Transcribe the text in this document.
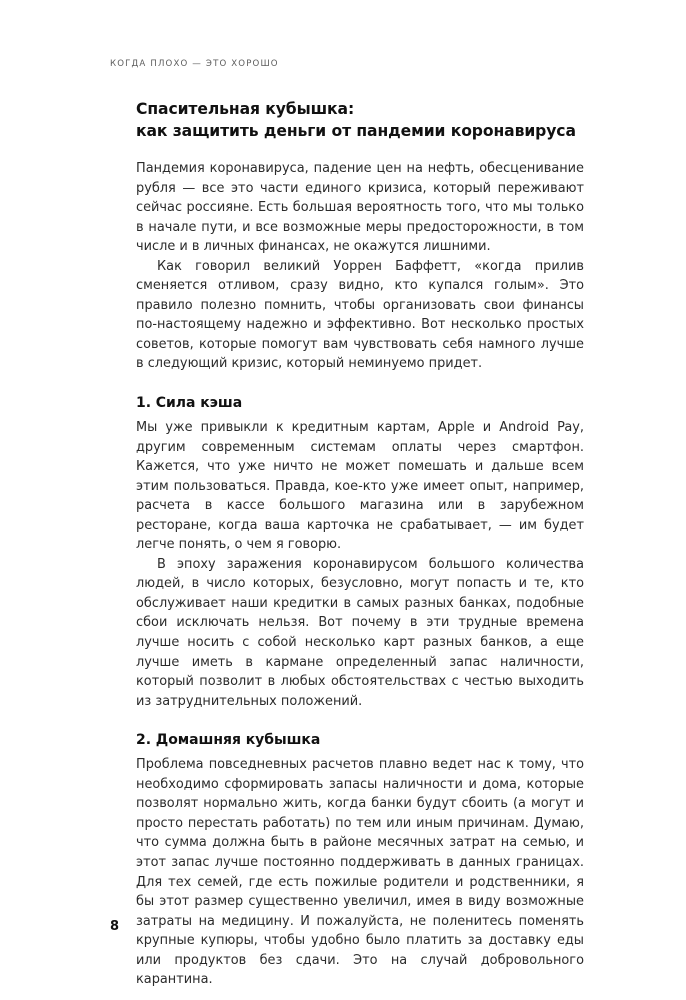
КОГДА ПЛОХО — ЭТО ХОРОШО
Спасительная кубышка:
как защитить деньги от пандемии коронавируса

Пандемия коронавируса, падение цен на нефть, обесценивание рубля — все это части единого кризиса, который переживают сейчас россияне. Есть большая вероятность того, что мы только в начале пути, и все возможные меры предосторожности, в том числе и в личных финансах, не окажутся лишними.

Как говорил великий Уоррен Баффетт, «когда прилив сменяется отливом, сразу видно, кто купался голым». Это правило полезно помнить, чтобы организовать свои финансы по-настоящему надежно и эффективно. Вот несколько простых советов, которые помогут вам чувствовать себя намного лучше в следующий кризис, который неминуемо придет.

1. Сила кэша

Мы уже привыкли к кредитным картам, Apple и Android Pay, другим современным системам оплаты через смартфон. Кажется, что уже ничто не может помешать и дальше всем этим пользоваться. Правда, кое-кто уже имеет опыт, например, расчета в кассе большого магазина или в зарубежном ресторане, когда ваша карточка не срабатывает, — им будет легче понять, о чем я говорю.

В эпоху заражения коронавирусом большого количества людей, в число которых, безусловно, могут попасть и те, кто обслуживает наши кредитки в самых разных банках, подобные сбои исключать нельзя. Вот почему в эти трудные времена лучше носить с собой несколько карт разных банков, а еще лучше иметь в кармане определенный запас наличности, который позволит в любых обстоятельствах с честью выходить из затруднительных положений.

2. Домашняя кубышка

Проблема повседневных расчетов плавно ведет нас к тому, что необходимо сформировать запасы наличности и дома, которые позволят нормально жить, когда банки будут сбоить (а могут и просто перестать работать) по тем или иным причинам. Думаю, что сумма должна быть в районе месячных затрат на семью, и этот запас лучше постоянно поддерживать в данных границах. Для тех семей, где есть пожилые родители и родственники, я бы этот размер существенно увеличил, имея в виду возможные затраты на медицину. И пожалуйста, не поленитесь поменять крупные купюры, чтобы удобно было платить за доставку еды или продуктов без сдачи. Это на случай добровольного карантина.

8
